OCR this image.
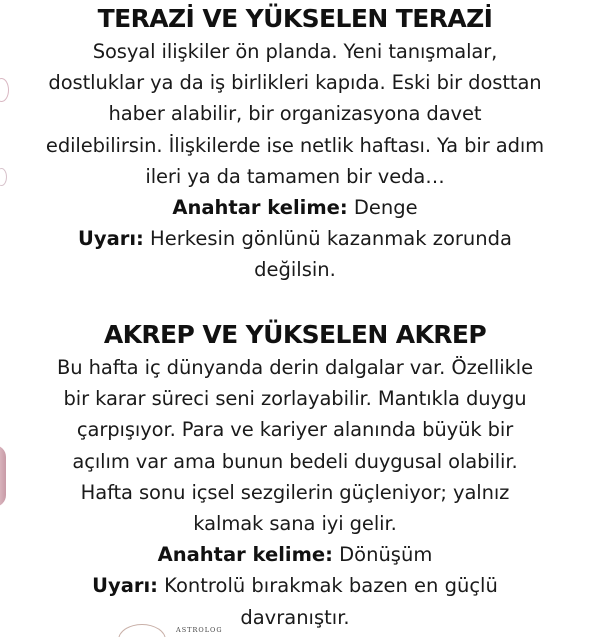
TERAZİ VE YÜKSELEN TERAZİ
Sosyal ilişkiler ön planda. Yeni tanışmalar,
dostluklar ya da iş birlikleri kapıda. Eski bir dosttan
haber alabilir, bir organizasyona davet
edilebilirsin. İlişkilerde ise netlik haftası. Ya bir adım
ileri ya da tamamen bir veda…

Anahtar kelime: Denge

Uyarı: Herkesin gönlünü kazanmak zorunda

değilsin.

AKREP VE YÜKSELEN AKREP
Bu hafta iç dünyanda derin dalgalar var. Özellikle
bir karar süreci seni zorlayabilir. Mantıkla duygu
çarpışıyor. Para ve kariyer alanında büyük bir
açılım var ama bunun bedeli duygusal olabilir.
Hafta sonu içsel sezgilerin güçleniyor; yalnız
kalmak sana iyi gelir.

Anahtar kelime: Dönüşüm

Uyarı: Kontrolü bırakmak bazen en güçlü

davranıştır.

ASTROLOG
